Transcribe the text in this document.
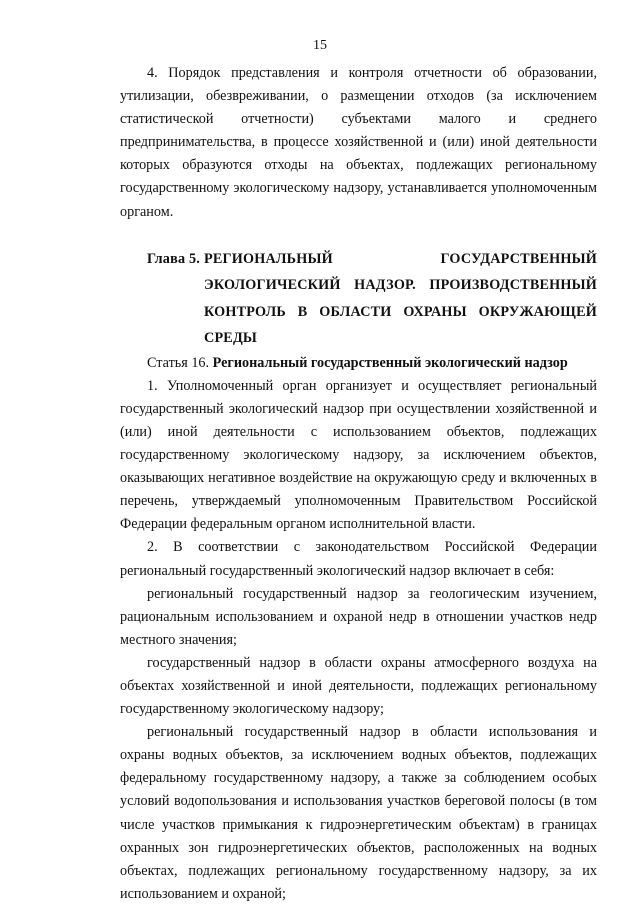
15

4. Порядок представления и контроля отчетности об образовании, утилизации, обезвреживании, о размещении отходов (за исключением статистической отчетности) субъектами малого и среднего предпринимательства, в процессе хозяйственной и (или) иной деятельности которых образуются отходы на объектах, подлежащих региональному государственному экологическому надзору, устанавливается уполномоченным органом.

Глава 5. РЕГИОНАЛЬНЫЙ ГОСУДАРСТВЕННЫЙ ЭКОЛОГИЧЕСКИЙ НАДЗОР. ПРОИЗВОДСТВЕННЫЙ КОНТРОЛЬ В ОБЛАСТИ ОХРАНЫ ОКРУЖАЮЩЕЙ СРЕДЫ

Статья 16. Региональный государственный экологический надзор

1. Уполномоченный орган организует и осуществляет региональный государственный экологический надзор при осуществлении хозяйственной и (или) иной деятельности с использованием объектов, подлежащих государственному экологическому надзору, за исключением объектов, оказывающих негативное воздействие на окружающую среду и включенных в перечень, утверждаемый уполномоченным Правительством Российской Федерации федеральным органом исполнительной власти.

2. В соответствии с законодательством Российской Федерации региональный государственный экологический надзор включает в себя:

региональный государственный надзор за геологическим изучением, рациональным использованием и охраной недр в отношении участков недр местного значения;

государственный надзор в области охраны атмосферного воздуха на объектах хозяйственной и иной деятельности, подлежащих региональному государственному экологическому надзору;

региональный государственный надзор в области использования и охраны водных объектов, за исключением водных объектов, подлежащих федеральному государственному надзору, а также за соблюдением особых условий водопользования и использования участков береговой полосы (в том числе участков примыкания к гидроэнергетическим объектам) в границах охранных зон гидроэнергетических объектов, расположенных на водных объектах, подлежащих региональному государственному надзору, за их использованием и охраной;
